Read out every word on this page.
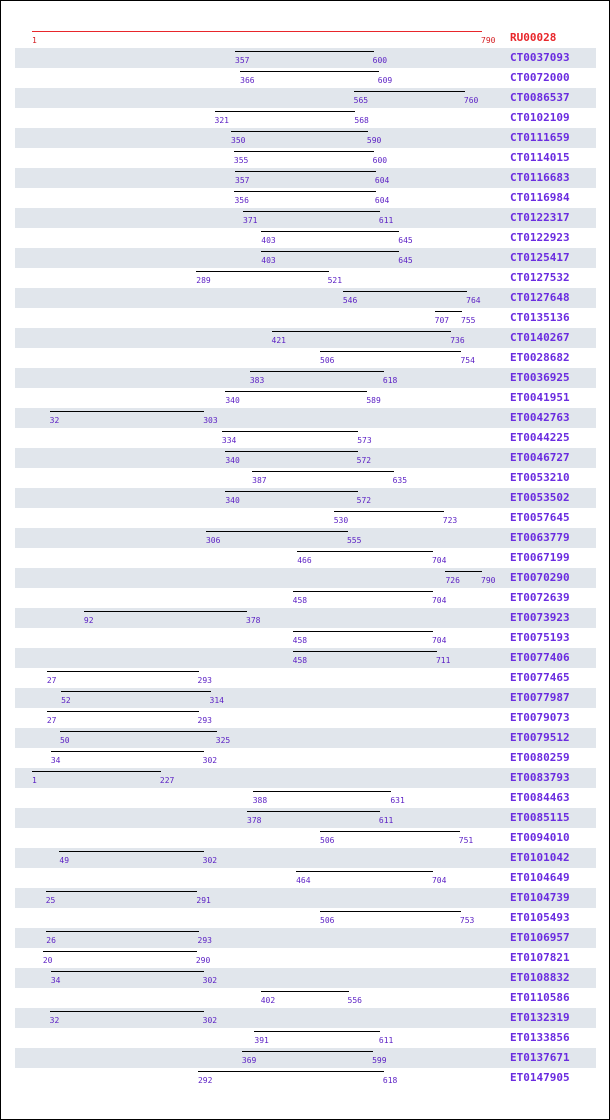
1	790 RU00028
357	600	CT0037093
366	609	CT0072000
565	760	CT0086537
321	568	CT0102109
350	590	CT0111659
355	600	CT0114015
357	604	CT0116683
356	604	CT0116984
371	611	CT0122317
403	645	CT0122923
403	645	CT0125417
289	521	CT0127532
546	764	CT0127648
707 755	CT0135136
421	736	CT0140267
506	754	ET0028682
383	618	ET0036925
340	589	ET0041951
32	303	ET0042763
334	573	ET0044225
340	572	ET0046727
387	635	ET0053210
340	572	ET0053502
530	723	ET0057645
306	555	ET0063779
466	704	ET0067199
726	790 ET0070290
458	704	ET0072639
92	378	ET0073923
458	704	ET0075193
458	711	ET0077406
27	293	ET0077465
52	314	ET0077987
27	293	ET0079073
50	325	ET0079512
34	302	ET0080259
1	227	ET0083793
388	631	ET0084463
378	611	ET0085115
506	751	ET0094010
49	302	ET0101042
464	704	ET0104649
25	291	ET0104739
506	753	ET0105493
26	293	ET0106957
20	290	ET0107821
34	302	ET0108832
402	556	ET0110586
32	302	ET0132319
391	611	ET0133856
369	599	ET0137671
292	618	ET0147905
